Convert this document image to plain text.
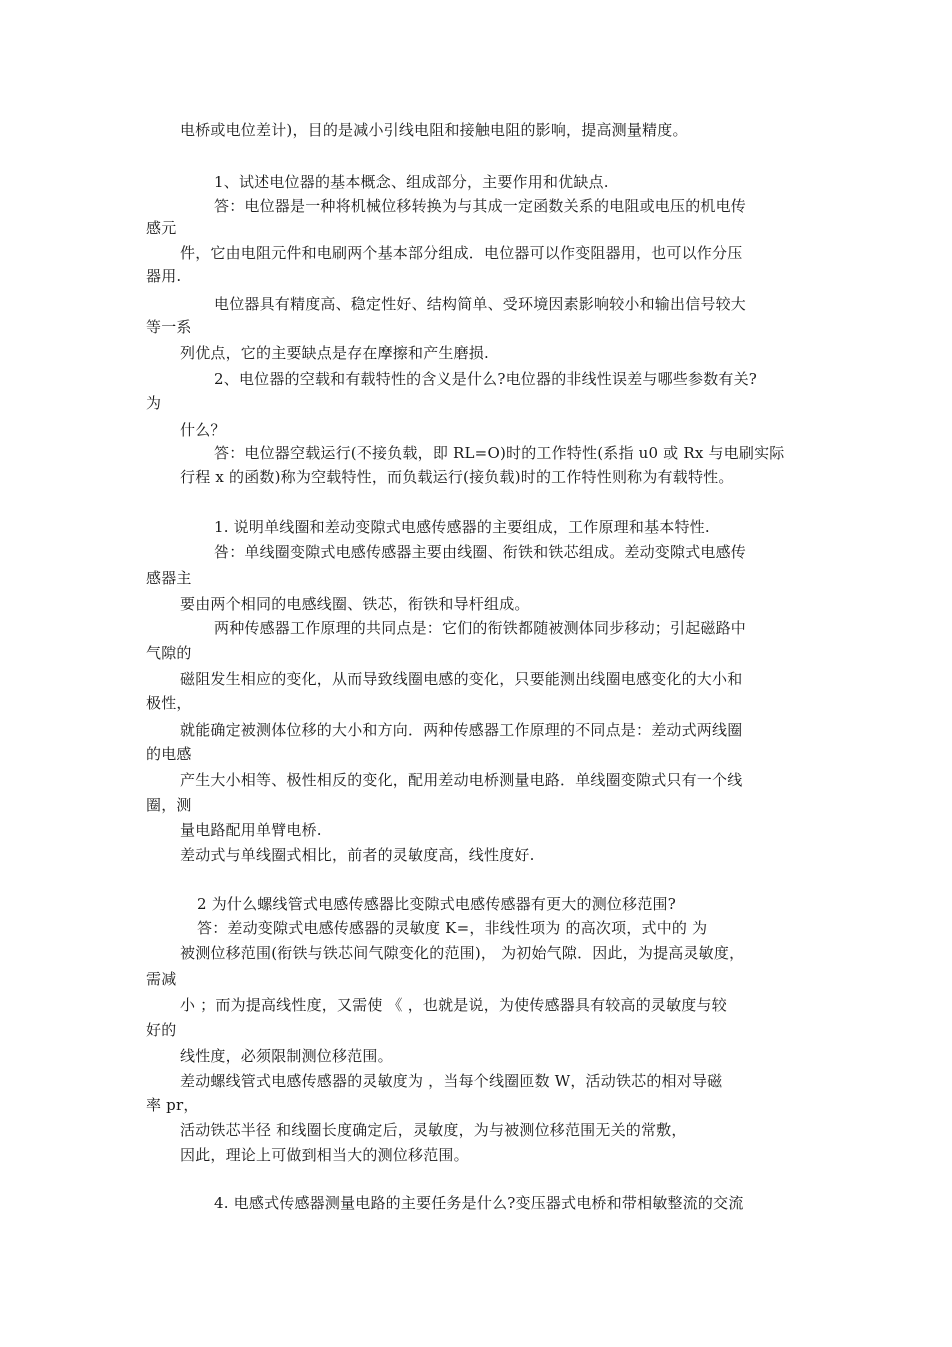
电桥或电位差计)，目的是减小引线电阻和接触电阻的影响，提高测量精度。
1、试述电位器的基本概念、组成部分，主要作用和优缺点.
答：电位器是一种将机械位移转换为与其成一定函数关系的电阻或电压的机电传
感元
件，它由电阻元件和电刷两个基本部分组成．电位器可以作变阻器用，也可以作分压
器用.
电位器具有精度高、稳定性好、结构简单、受环境因素影响较小和输出信号较大
等一系
列优点，它的主要缺点是存在摩擦和产生磨损.
2、电位器的空载和有载特性的含义是什么?电位器的非线性误差与哪些参数有关?
为
什么？
答：电位器空载运行(不接负载，即 RL=O)时的工作特性(系指 u0 或 Rx 与电刷实际
行程 x 的函数)称为空载特性，而负载运行(接负载)时的工作特性则称为有载特性。
1. 说明单线圈和差动变隙式电感传感器的主要组成，工作原理和基本特性.
咎：单线圈变隙式电感传感器主要由线圈、衔铁和铁芯组成。差动变隙式电感传
感器主
要由两个相同的电感线圈、铁芯，衔铁和导杆组成。
两种传感器工作原理的共同点是：它们的衔铁都随被测体同步移动；引起磁路中
气隙的
磁阻发生相应的变化，从而导致线圈电感的变化，只要能测出线圈电感变化的大小和
极性，
就能确定被测体位移的大小和方向．两种传感器工作原理的不同点是：差动式两线圈
的电感
产生大小相等、极性相反的变化，配用差动电桥测量电路．单线圈变隙式只有一个线
圈，测
量电路配用单臂电桥.
差动式与单线圈式相比，前者的灵敏度高，线性度好.
2 为什么螺线管式电感传感器比变隙式电感传感器有更大的测位移范围?
答：差动变隙式电感传感器的灵敏度 K=，非线性项为 的高次项，式中的 为
被测位移范围(衔铁与铁芯间气隙变化的范围)， 为初始气隙．因此，为提高灵敏度，
需减
小 ；而为提高线性度，又需使 《 ，也就是说，为使传感器具有较高的灵敏度与较
好的
线性度，必须限制测位移范围。
差动螺线管式电感传感器的灵敏度为 ，当每个线圈匝数 W，活动铁芯的相对导磁
率 pr，
活动铁芯半径 和线圈长度确定后，灵敏度，为与被测位移范围无关的常敷，
因此，理论上可做到相当大的测位移范围。
4. 电感式传感器测量电路的主要任务是什么?变压器式电桥和带相敏整流的交流
